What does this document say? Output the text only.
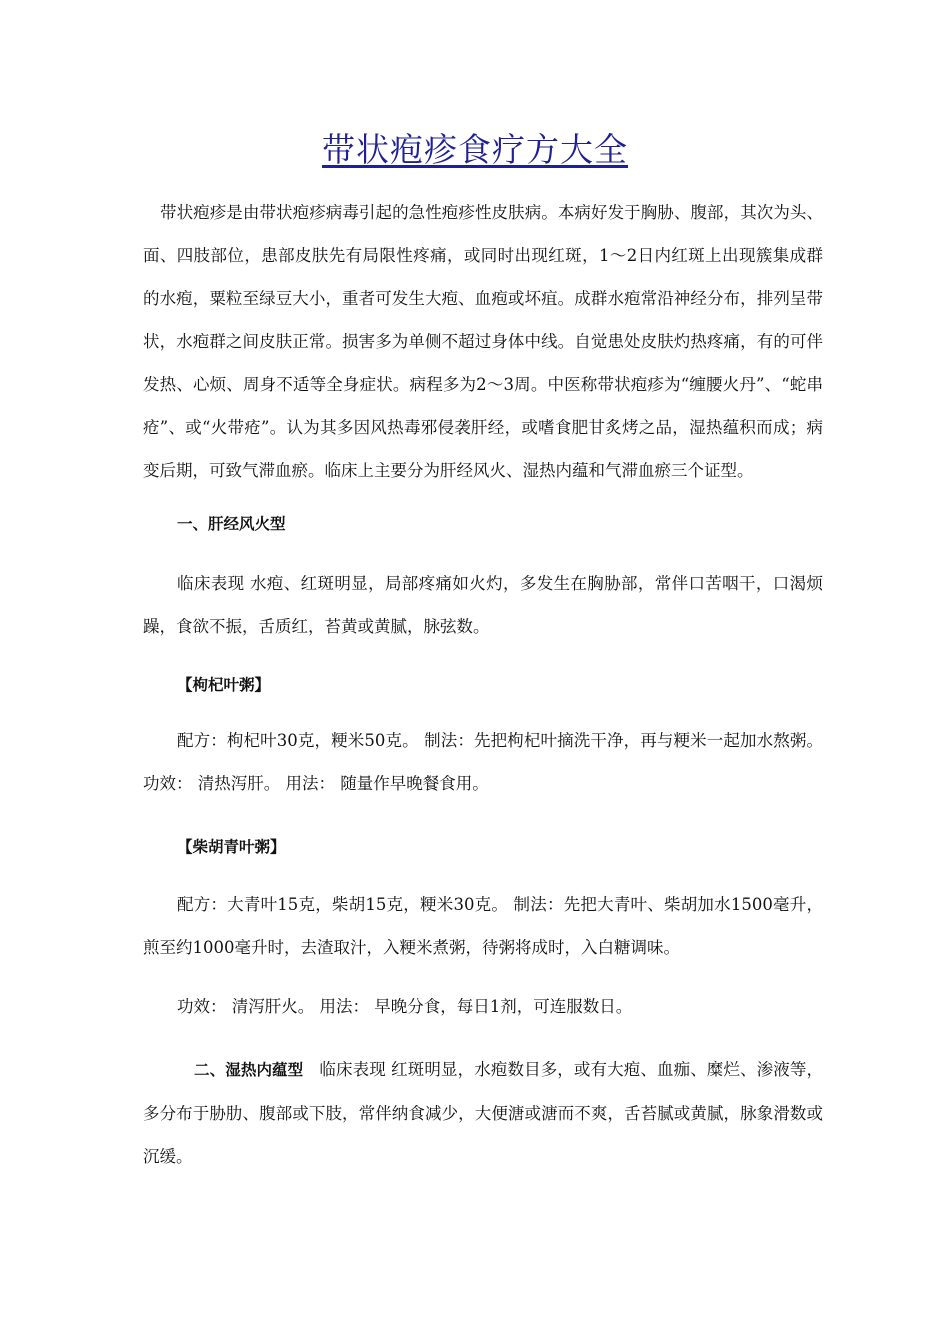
带状疱疹食疗方大全
带状疱疹是由带状疱疹病毒引起的急性疱疹性皮肤病。本病好发于胸胁、腹部，其次为头、面、四肢部位，患部皮肤先有局限性疼痛，或同时出现红斑，1～2日内红斑上出现簇集成群的水疱，粟粒至绿豆大小，重者可发生大疱、血疱或坏疽。成群水疱常沿神经分布，排列呈带状，水疱群之间皮肤正常。损害多为单侧不超过身体中线。自觉患处皮肤灼热疼痛，有的可伴发热、心烦、周身不适等全身症状。病程多为2～3周。中医称带状疱疹为“缠腰火丹”、“蛇串疮”、或“火带疮”。认为其多因风热毒邪侵袭肝经，或嗜食肥甘炙烤之品，湿热蕴积而成；病变后期，可致气滞血瘀。临床上主要分为肝经风火、湿热内蕴和气滞血瘀三个证型。
一、肝经风火型
临床表现 水疱、红斑明显，局部疼痛如火灼，多发生在胸胁部，常伴口苦咽干，口渴烦躁，食欲不振，舌质红，苔黄或黄腻，脉弦数。
【枸杞叶粥】
配方：枸杞叶30克，粳米50克。 制法：先把枸杞叶摘洗干净，再与粳米一起加水熬粥。 功效： 清热泻肝。 用法： 随量作早晚餐食用。
【柴胡青叶粥】
配方：大青叶15克，柴胡15克，粳米30克。 制法：先把大青叶、柴胡加水1500毫升，煎至约1000毫升时，去渣取汁，入粳米煮粥，待粥将成时，入白糖调味。
功效： 清泻肝火。 用法： 早晚分食，每日1剂，可连服数日。
二、湿热内蕴型 临床表现 红斑明显，水疱数目多，或有大疱、血痂、糜烂、渗液等，多分布于胁肋、腹部或下肢，常伴纳食减少，大便溏或溏而不爽，舌苔腻或黄腻，脉象滑数或沉缓。
